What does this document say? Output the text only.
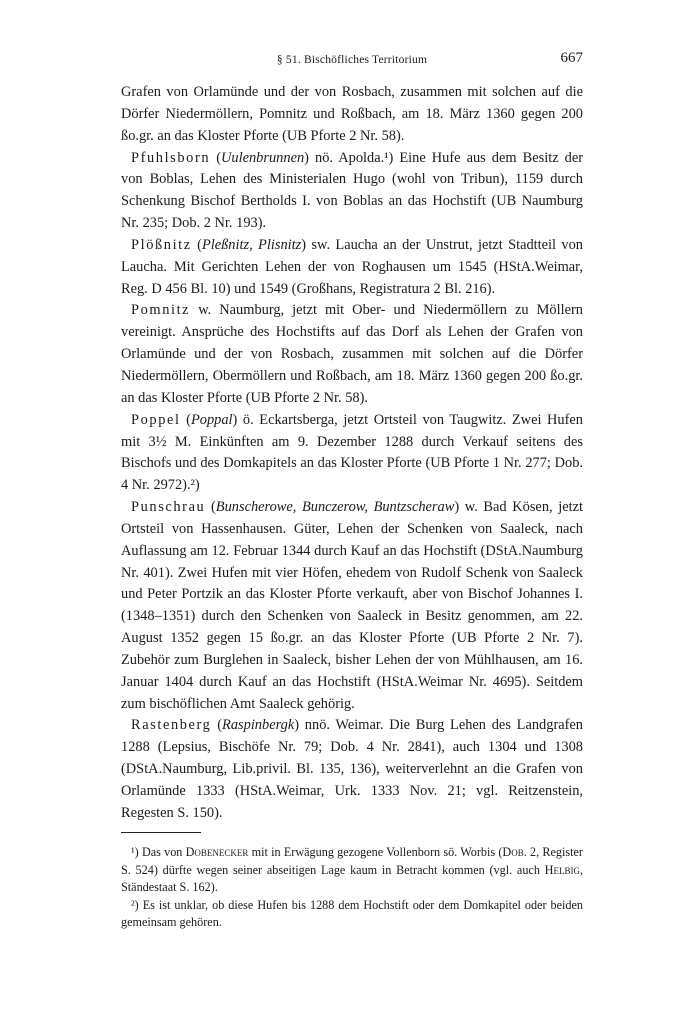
§ 51. Bischöfliches Territorium	667

Grafen von Orlamünde und der von Rosbach, zusammen mit solchen auf die Dörfer Niedermöllern, Pomnitz und Roßbach, am 18. März 1360 gegen 200 ßo.gr. an das Kloster Pforte (UB Pforte 2 Nr. 58).

Pfuhlsborn (Uulenbrunnen) nö. Apolda.¹) Eine Hufe aus dem Besitz der von Boblas, Lehen des Ministerialen Hugo (wohl von Tribun), 1159 durch Schenkung Bischof Bertholds I. von Boblas an das Hochstift (UB Naumburg Nr. 235; Dob. 2 Nr. 193).

Plößnitz (Pleßnitz, Plisnitz) sw. Laucha an der Unstrut, jetzt Stadtteil von Laucha. Mit Gerichten Lehen der von Roghausen um 1545 (HStA.Weimar, Reg. D 456 Bl. 10) und 1549 (Großhans, Registratura 2 Bl. 216).

Pomnitz w. Naumburg, jetzt mit Ober- und Niedermöllern zu Möllern vereinigt. Ansprüche des Hochstifts auf das Dorf als Lehen der Grafen von Orlamünde und der von Rosbach, zusammen mit solchen auf die Dörfer Niedermöllern, Obermöllern und Roßbach, am 18. März 1360 gegen 200 ßo.gr. an das Kloster Pforte (UB Pforte 2 Nr. 58).

Poppel (Poppal) ö. Eckartsberga, jetzt Ortsteil von Taugwitz. Zwei Hufen mit 3½ M. Einkünften am 9. Dezember 1288 durch Verkauf seitens des Bischofs und des Domkapitels an das Kloster Pforte (UB Pforte 1 Nr. 277; Dob. 4 Nr. 2972).²)

Punschrau (Bunscherowe, Bunczerow, Buntzscheraw) w. Bad Kösen, jetzt Ortsteil von Hassenhausen. Güter, Lehen der Schenken von Saaleck, nach Auflassung am 12. Februar 1344 durch Kauf an das Hochstift (DStA.Naumburg Nr. 401). Zwei Hufen mit vier Höfen, ehedem von Rudolf Schenk von Saaleck und Peter Portzik an das Kloster Pforte verkauft, aber von Bischof Johannes I. (1348–1351) durch den Schenken von Saaleck in Besitz genommen, am 22. August 1352 gegen 15 ßo.gr. an das Kloster Pforte (UB Pforte 2 Nr. 7). Zubehör zum Burglehen in Saaleck, bisher Lehen der von Mühlhausen, am 16. Januar 1404 durch Kauf an das Hochstift (HStA.Weimar Nr. 4695). Seitdem zum bischöflichen Amt Saaleck gehörig.

Rastenberg (Raspinbergk) nnö. Weimar. Die Burg Lehen des Landgrafen 1288 (Lepsius, Bischöfe Nr. 79; Dob. 4 Nr. 2841), auch 1304 und 1308 (DStA.Naumburg, Lib.privil. Bl. 135, 136), weiterverlehnt an die Grafen von Orlamünde 1333 (HStA.Weimar, Urk. 1333 Nov. 21; vgl. Reitzenstein, Regesten S. 150).

¹) Das von Dobenecker mit in Erwägung gezogene Vollenborn sö. Worbis (Dob. 2, Register S. 524) dürfte wegen seiner abseitigen Lage kaum in Betracht kommen (vgl. auch Helbig, Ständestaat S. 162).

²) Es ist unklar, ob diese Hufen bis 1288 dem Hochstift oder dem Domkapitel oder beiden gemeinsam gehören.
